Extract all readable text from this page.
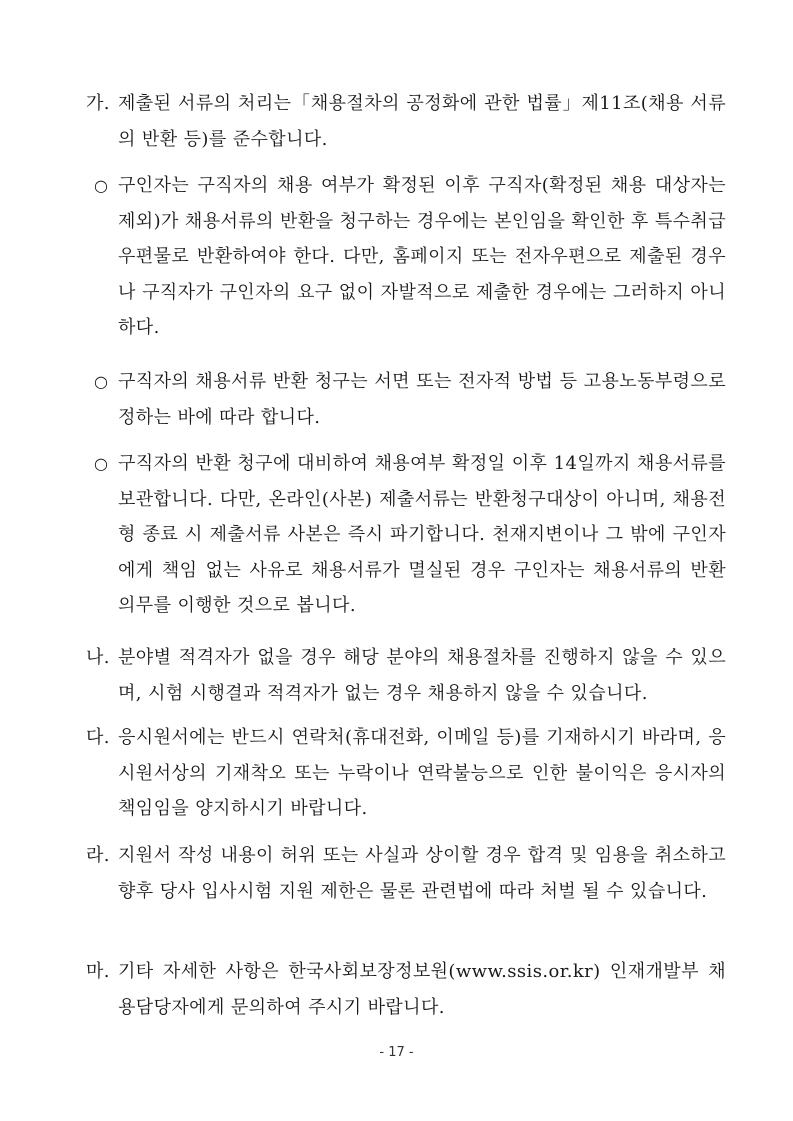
가. 제출된 서류의 처리는「채용절차의 공정화에 관한 법률」제11조(채용 서류의 반환 등)를 준수합니다.
○ 구인자는 구직자의 채용 여부가 확정된 이후 구직자(확정된 채용 대상자는 제외)가 채용서류의 반환을 청구하는 경우에는 본인임을 확인한 후 특수취급우편물로 반환하여야 한다. 다만, 홈페이지 또는 전자우편으로 제출된 경우나 구직자가 구인자의 요구 없이 자발적으로 제출한 경우에는 그러하지 아니하다.
○ 구직자의 채용서류 반환 청구는 서면 또는 전자적 방법 등 고용노동부령으로 정하는 바에 따라 합니다.
○ 구직자의 반환 청구에 대비하여 채용여부 확정일 이후 14일까지 채용서류를 보관합니다. 다만, 온라인(사본) 제출서류는 반환청구대상이 아니며, 채용전형 종료 시 제출서류 사본은 즉시 파기합니다. 천재지변이나 그 밖에 구인자에게 책임 없는 사유로 채용서류가 멸실된 경우 구인자는 채용서류의 반환 의무를 이행한 것으로 봅니다.
나. 분야별 적격자가 없을 경우 해당 분야의 채용절차를 진행하지 않을 수 있으며, 시험 시행결과 적격자가 없는 경우 채용하지 않을 수 있습니다.
다. 응시원서에는 반드시 연락처(휴대전화, 이메일 등)를 기재하시기 바라며, 응시원서상의 기재착오 또는 누락이나 연락불능으로 인한 불이익은 응시자의 책임임을 양지하시기 바랍니다.
라. 지원서 작성 내용이 허위 또는 사실과 상이할 경우 합격 및 임용을 취소하고 향후 당사 입사시험 지원 제한은 물론 관련법에 따라 처벌 될 수 있습니다.
마. 기타 자세한 사항은 한국사회보장정보원(www.ssis.or.kr) 인재개발부 채용담당자에게 문의하여 주시기 바랍니다.
- 17 -
